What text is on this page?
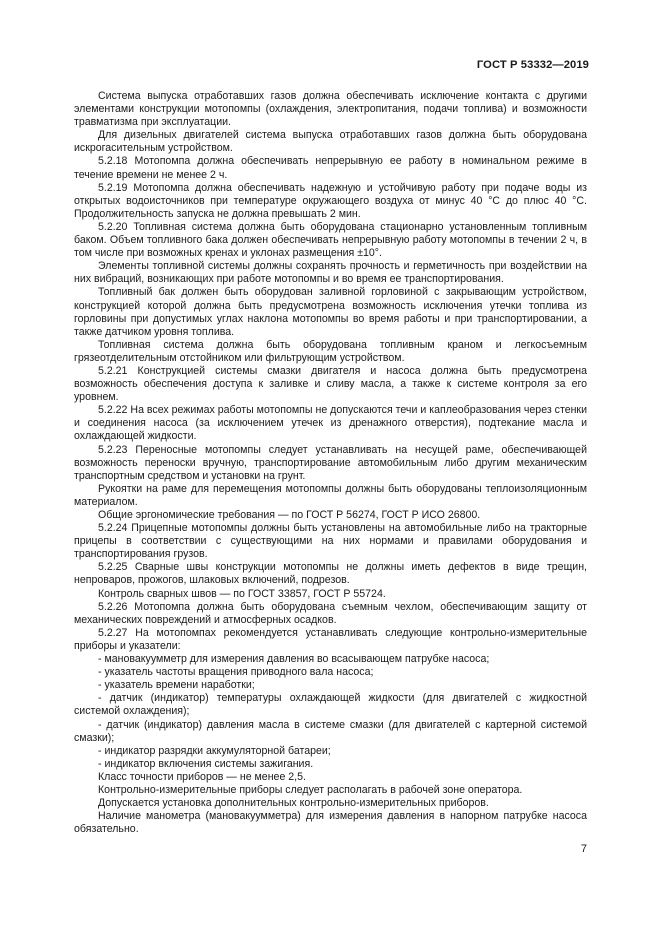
ГОСТ Р 53332—2019

Система выпуска отработавших газов должна обеспечивать исключение контакта с другими элементами конструкции мотопомпы (охлаждения, электропитания, подачи топлива) и возможности травматизма при эксплуатации.

Для дизельных двигателей система выпуска отработавших газов должна быть оборудована искрогасительным устройством.

5.2.18 Мотопомпа должна обеспечивать непрерывную ее работу в номинальном режиме в течение времени не менее 2 ч.

5.2.19 Мотопомпа должна обеспечивать надежную и устойчивую работу при подаче воды из открытых водоисточников при температуре окружающего воздуха от минус 40 °С до плюс 40 °С. Продолжительность запуска не должна превышать 2 мин.

5.2.20 Топливная система должна быть оборудована стационарно установленным топливным баком. Объем топливного бака должен обеспечивать непрерывную работу мотопомпы в течении 2 ч, в том числе при возможных кренах и уклонах размещения ±10°.

Элементы топливной системы должны сохранять прочность и герметичность при воздействии на них вибраций, возникающих при работе мотопомпы и во время ее транспортирования.

Топливный бак должен быть оборудован заливной горловиной с закрывающим устройством, конструкцией которой должна быть предусмотрена возможность исключения утечки топлива из горловины при допустимых углах наклона мотопомпы во время работы и при транспортировании, а также датчиком уровня топлива.

Топливная система должна быть оборудована топливным краном и легкосъемным грязеотделительным отстойником или фильтрующим устройством.

5.2.21 Конструкцией системы смазки двигателя и насоса должна быть предусмотрена возможность обеспечения доступа к заливке и сливу масла, а также к системе контроля за его уровнем.

5.2.22 На всех режимах работы мотопомпы не допускаются течи и каплеобразования через стенки и соединения насоса (за исключением утечек из дренажного отверстия), подтекание масла и охлаждающей жидкости.

5.2.23 Переносные мотопомпы следует устанавливать на несущей раме, обеспечивающей возможность переноски вручную, транспортирование автомобильным либо другим механическим транспортным средством и установки на грунт.

Рукоятки на раме для перемещения мотопомпы должны быть оборудованы теплоизоляционным материалом.

Общие эргономические требования — по ГОСТ Р 56274, ГОСТ Р ИСО 26800.

5.2.24 Прицепные мотопомпы должны быть установлены на автомобильные либо на тракторные прицепы в соответствии с существующими на них нормами и правилами оборудования и транспортирования грузов.

5.2.25 Сварные швы конструкции мотопомпы не должны иметь дефектов в виде трещин, непроваров, прожогов, шлаковых включений, подрезов.

Контроль сварных швов — по ГОСТ 33857, ГОСТ Р 55724.

5.2.26 Мотопомпа должна быть оборудована съемным чехлом, обеспечивающим защиту от механических повреждений и атмосферных осадков.

5.2.27 На мотопомпах рекомендуется устанавливать следующие контрольно-измерительные приборы и указатели:

- мановакуумметр для измерения давления во всасывающем патрубке насоса;

- указатель частоты вращения приводного вала насоса;

- указатель времени наработки;

- датчик (индикатор) температуры охлаждающей жидкости (для двигателей с жидкостной системой охлаждения);

- датчик (индикатор) давления масла в системе смазки (для двигателей с картерной системой смазки);

- индикатор разрядки аккумуляторной батареи;

- индикатор включения системы зажигания.

Класс точности приборов — не менее 2,5.

Контрольно-измерительные приборы следует располагать в рабочей зоне оператора.

Допускается установка дополнительных контрольно-измерительных приборов.

Наличие манометра (мановакуумметра) для измерения давления в напорном патрубке насоса обязательно.

7
